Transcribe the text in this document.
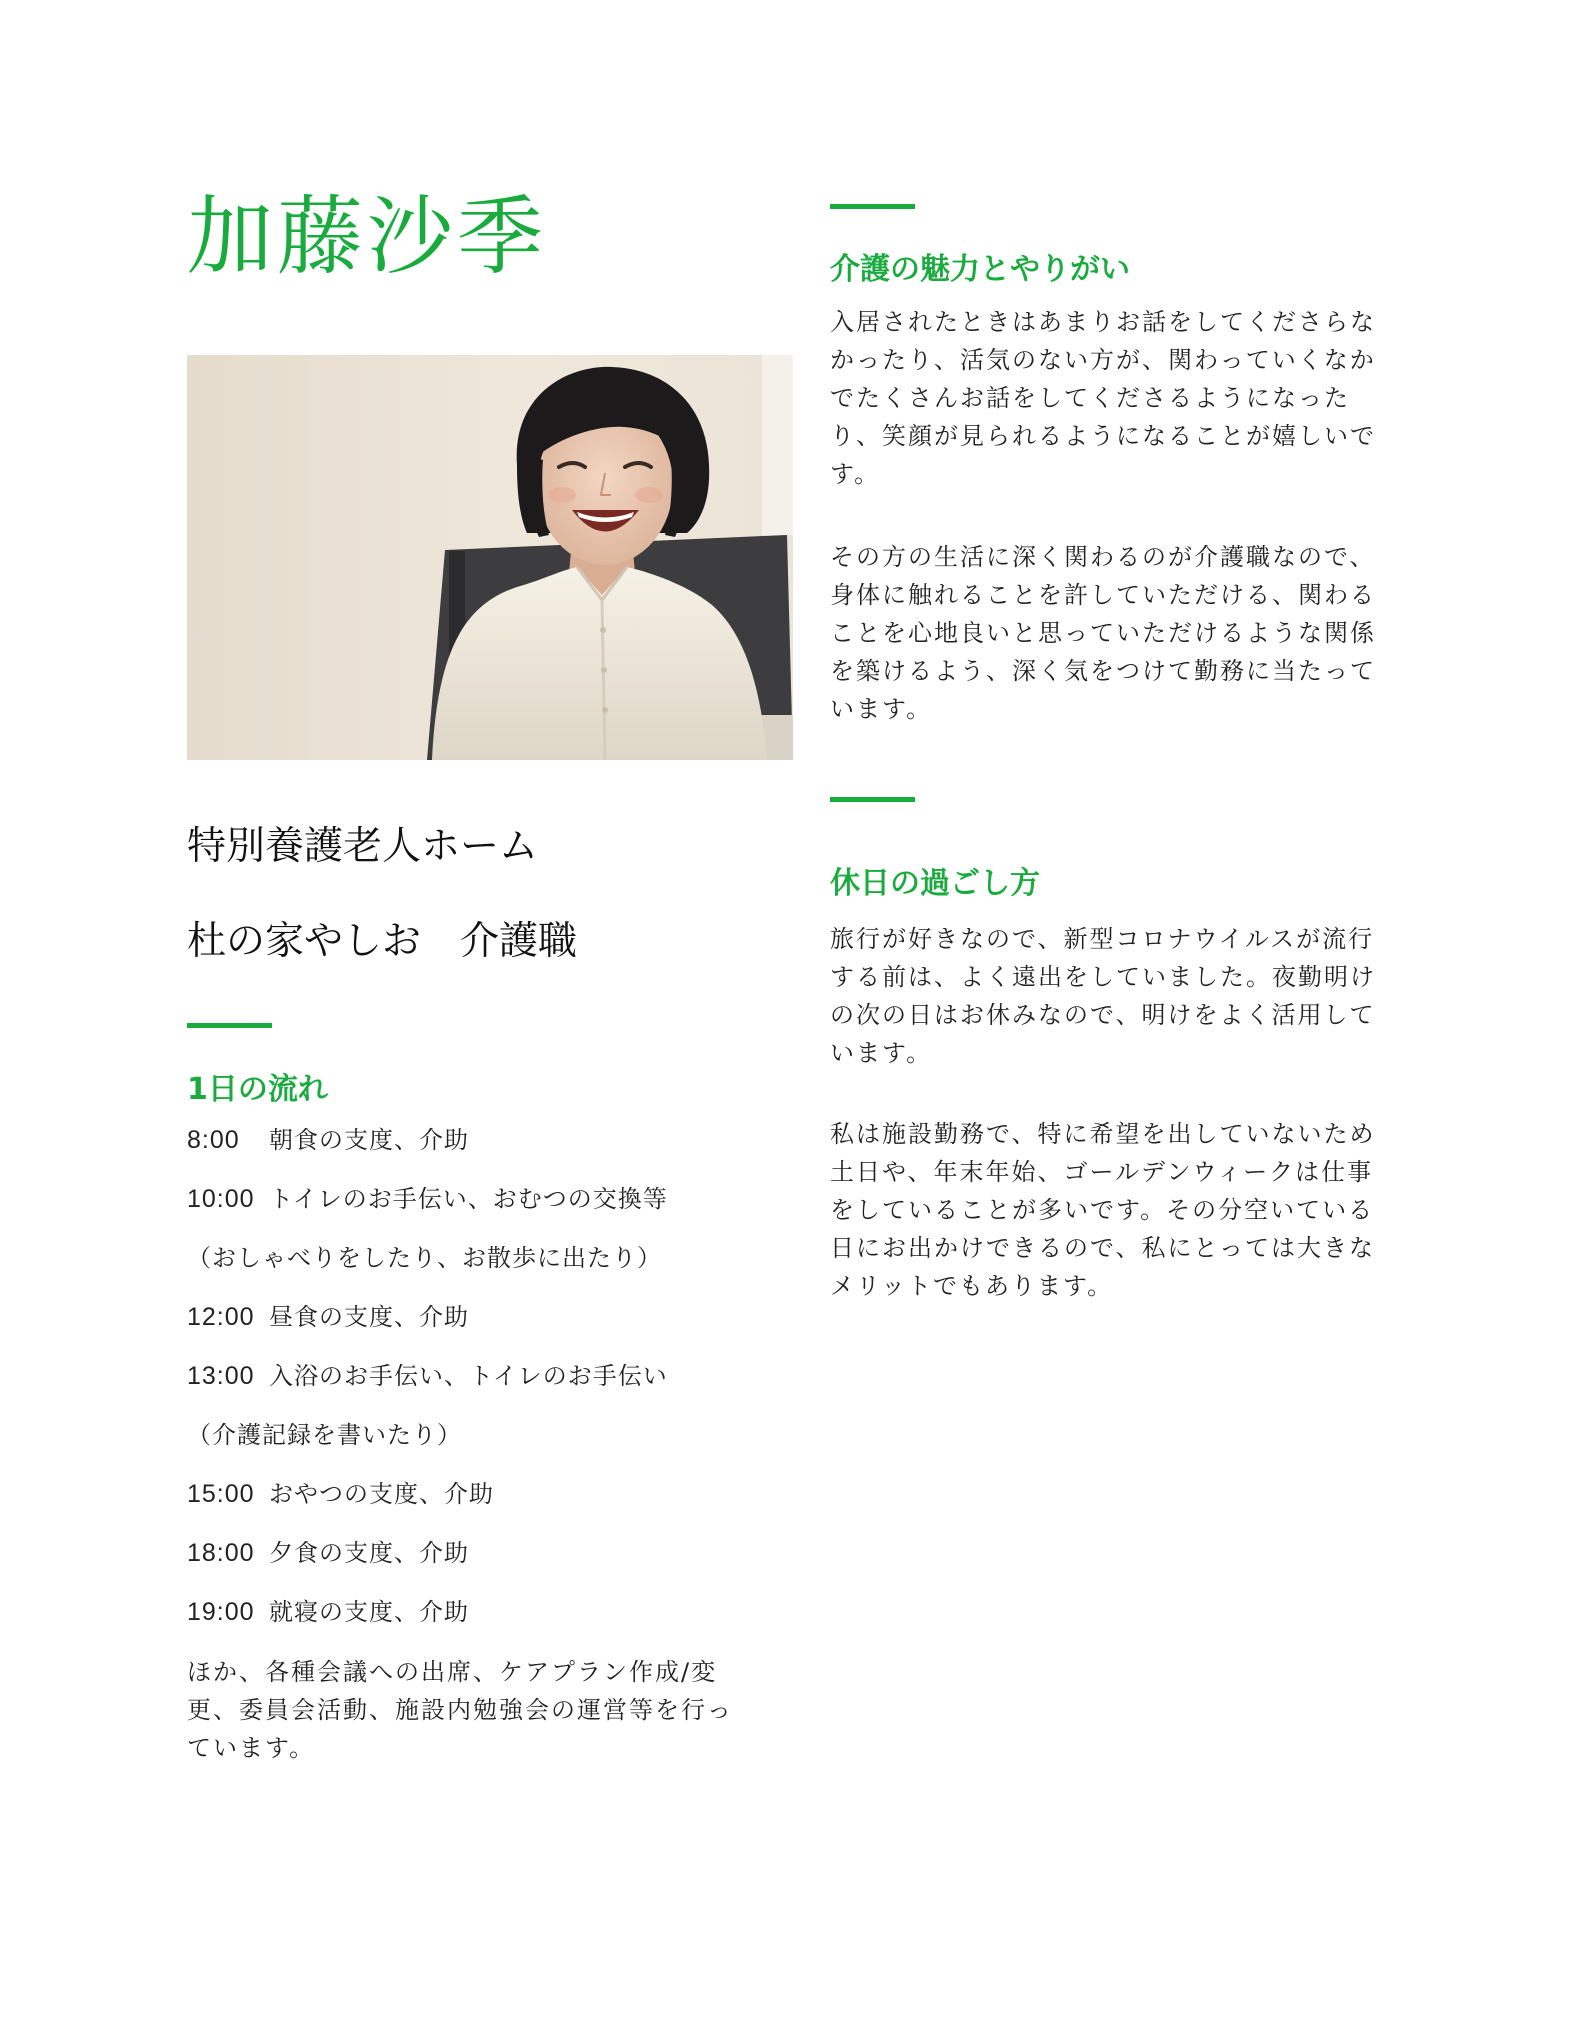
加藤沙季
特別養護老人ホーム
杜の家やしお　介護職
1日の流れ
8:00 朝食の支度、介助
10:00 トイレのお手伝い、おむつの交換等
（おしゃべりをしたり、お散歩に出たり）
12:00 昼食の支度、介助
13:00 入浴のお手伝い、トイレのお手伝い
（介護記録を書いたり）
15:00 おやつの支度、介助
18:00 夕食の支度、介助
19:00 就寝の支度、介助

ほか、各種会議への出席、ケアプラン作成/変更、委員会活動、施設内勉強会の運営等を行っています。

介護の魅力とやりがい

入居されたときはあまりお話をしてくださらなかったり、活気のない方が、関わっていくなかでたくさんお話をしてくださるようになったり、笑顔が見られるようになることが嬉しいです。

その方の生活に深く関わるのが介護職なので、身体に触れることを許していただける、関わることを心地良いと思っていただけるような関係を築けるよう、深く気をつけて勤務に当たっています。

休日の過ごし方

旅行が好きなので、新型コロナウイルスが流行する前は、よく遠出をしていました。夜勤明けの次の日はお休みなので、明けをよく活用しています。

私は施設勤務で、特に希望を出していないため土日や、年末年始、ゴールデンウィークは仕事をしていることが多いです。その分空いている日にお出かけできるので、私にとっては大きなメリットでもあります。
